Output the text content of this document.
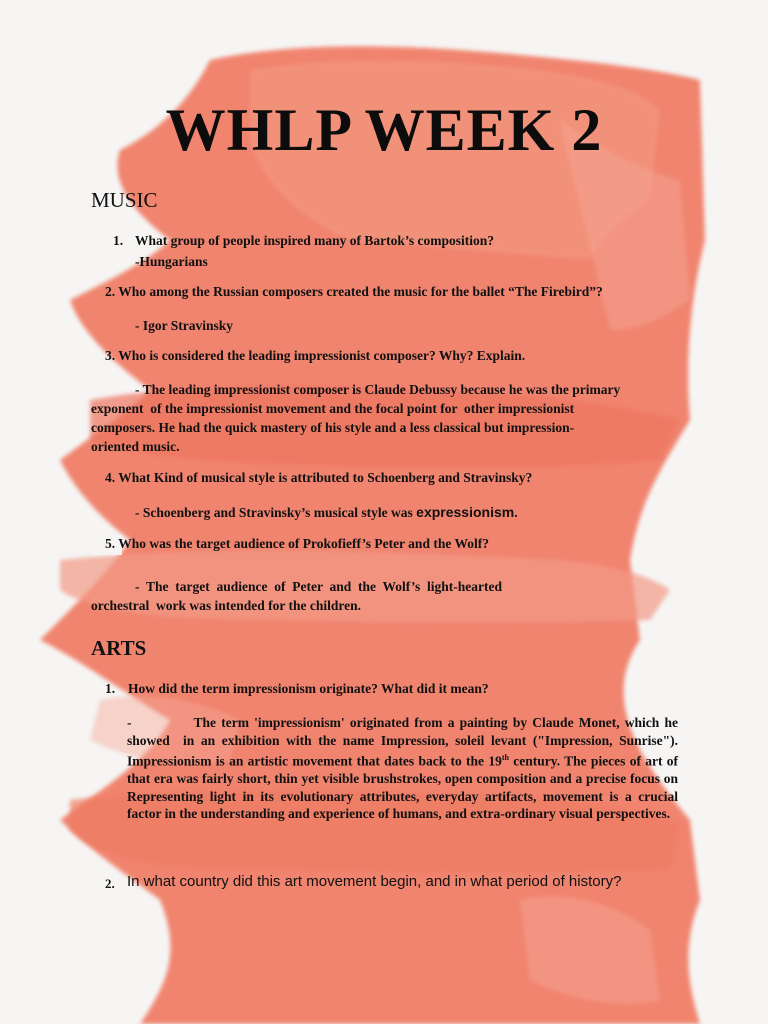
WHLP WEEK 2
MUSIC

1. What group of people inspired many of Bartok’s composition?

-Hungarians

2. Who among the Russian composers created the music for the ballet “The Firebird”?

- Igor Stravinsky

3. Who is considered the leading impressionist composer? Why? Explain.

- The leading impressionist composer is Claude Debussy because he was the primary

exponent  of the impressionist movement and the focal point for  other impressionist

composers. He had the quick mastery of his style and a less classical but impression-

oriented music.

4. What Kind of musical style is attributed to Schoenberg and Stravinsky?

- Schoenberg and Stravinsky’s musical style was expressionism.

5. Who was the target audience of Prokofieff’s Peter and the Wolf?

-  The  target  audience  of  Peter  and  the  Wolf’s  light-hearted

orchestral  work was intended for the children.

ARTS

1. How did the term impressionism originate? What did it mean?

-            The term 'impressionism' originated from a painting by Claude Monet, which he showed  in an exhibition with the name Impression, soleil levant ("Impression, Sunrise").  Impressionism is an artistic movement that dates back to the 19th century. The pieces of art of that era was fairly short, thin yet visible brushstrokes, open composition and a precise focus on Representing light in its evolutionary attributes, everyday artifacts, movement is a crucial factor in the understanding and experience of humans, and extra-ordinary visual perspectives.

2. In what country did this art movement begin, and in what period of history?
